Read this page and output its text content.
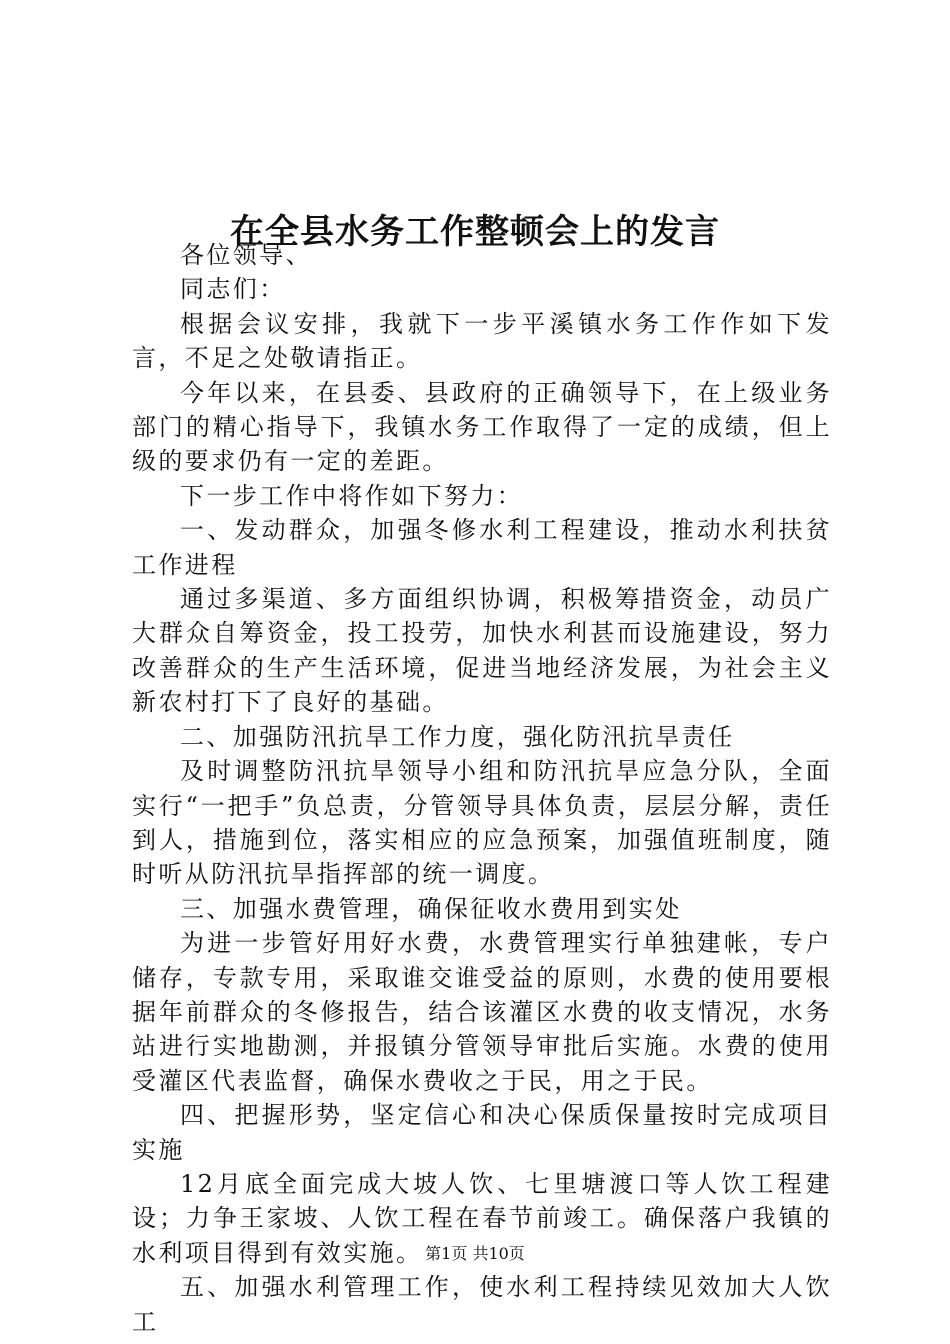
在全县水务工作整顿会上的发言

各位领导、

同志们：

根据会议安排，我就下一步平溪镇水务工作作如下发言，不足之处敬请指正。

今年以来，在县委、县政府的正确领导下，在上级业务部门的精心指导下，我镇水务工作取得了一定的成绩，但上级的要求仍有一定的差距。

下一步工作中将作如下努力：

一、发动群众，加强冬修水利工程建设，推动水利扶贫工作进程

通过多渠道、多方面组织协调，积极筹措资金，动员广大群众自筹资金，投工投劳，加快水利甚而设施建设，努力改善群众的生产生活环境，促进当地经济发展，为社会主义新农村打下了良好的基础。

二、加强防汛抗旱工作力度，强化防汛抗旱责任

及时调整防汛抗旱领导小组和防汛抗旱应急分队，全面实行“一把手”负总责，分管领导具体负责，层层分解，责任到人，措施到位，落实相应的应急预案，加强值班制度，随时听从防汛抗旱指挥部的统一调度。

三、加强水费管理，确保征收水费用到实处

为进一步管好用好水费，水费管理实行单独建帐，专户储存，专款专用，采取谁交谁受益的原则，水费的使用要根据年前群众的冬修报告，结合该灌区水费的收支情况，水务站进行实地勘测，并报镇分管领导审批后实施。水费的使用受灌区代表监督，确保水费收之于民，用之于民。

四、把握形势，坚定信心和决心保质保量按时完成项目实施

12月底全面完成大坡人饮、七里塘渡口等人饮工程建设；力争王家坡、人饮工程在春节前竣工。确保落户我镇的水利项目得到有效实施。

五、加强水利管理工作，使水利工程持续见效加大人饮工

第1页 共10页
